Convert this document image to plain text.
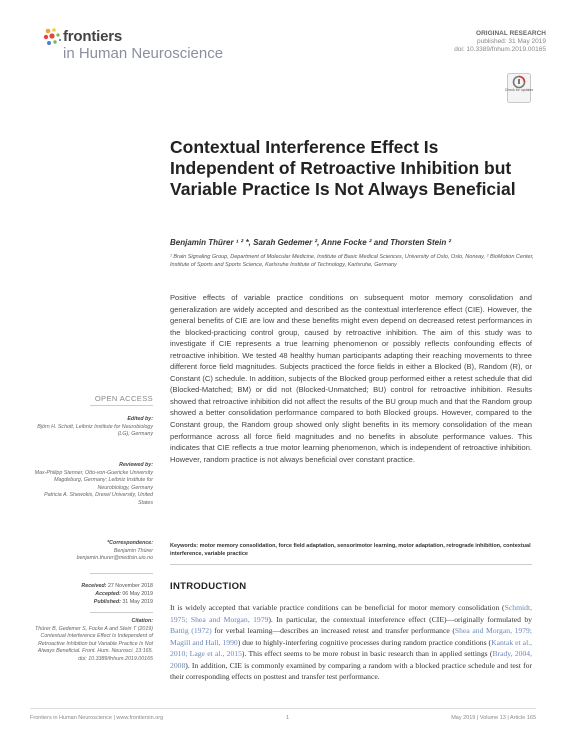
frontiers
in Human Neuroscience
ORIGINAL RESEARCH
published: 31 May 2019
doi: 10.3389/fnhum.2019.00165
Check for updates
Contextual Interference Effect Is Independent of Retroactive Inhibition but Variable Practice Is Not Always Beneficial
Benjamin Thürer ¹ ² *, Sarah Gedemer ², Anne Focke ² and Thorsten Stein ²
¹ Brain Signaling Group, Department of Molecular Medicine, Institute of Basic Medical Sciences, University of Oslo, Oslo, Norway, ² BioMotion Center, Institute of Sports and Sports Science, Karlsruhe Institute of Technology, Karlsruhe, Germany
Positive effects of variable practice conditions on subsequent motor memory consolidation and generalization are widely accepted and described as the contextual interference effect (CIE). However, the general benefits of CIE are low and these benefits might even depend on decreased retest performances in the blocked-practicing control group, caused by retroactive inhibition. The aim of this study was to investigate if CIE represents a true learning phenomenon or possibly reflects confounding effects of retroactive inhibition. We tested 48 healthy human participants adapting their reaching movements to three different force field magnitudes. Subjects practiced the force fields in either a Blocked (B), Random (R), or Constant (C) schedule. In addition, subjects of the Blocked group performed either a retest schedule that did (Blocked-Matched; BM) or did not (Blocked-Unmatched; BU) control for retroactive inhibition. Results showed that retroactive inhibition did not affect the results of the BU group much and that the Random group showed a better consolidation performance compared to both Blocked groups. However, compared to the Constant group, the Random group showed only slight benefits in its memory consolidation of the mean performance across all force field magnitudes and no benefits in absolute performance values. This indicates that CIE reflects a true motor learning phenomenon, which is independent of retroactive inhibition. However, random practice is not always beneficial over constant practice.
Keywords: motor memory consolidation, force field adaptation, sensorimotor learning, motor adaptation, retrograde inhibition, contextual interference, variable practice
INTRODUCTION
It is widely accepted that variable practice conditions can be beneficial for motor memory consolidation (Schmidt, 1975; Shea and Morgan, 1979). In particular, the contextual interference effect (CIE)—originally formulated by Battig (1972) for verbal learning—describes an increased retest and transfer performance (Shea and Morgan, 1979; Magill and Hall, 1990) due to highly-interfering cognitive processes during random practice conditions (Kantak et al., 2010; Lage et al., 2015). This effect seems to be more robust in basic research than in applied settings (Brady, 2004, 2008). In addition, CIE is commonly examined by comparing a random with a blocked practice schedule and test for their corresponding effects on posttest and transfer test performance.
OPEN ACCESS
Edited by:
Björn H. Schott, Leibniz Institute for Neurobiology (LG), Germany
Reviewed by:
Max-Philipp Stenner, Otto-von-Guericke University Magdeburg, Germany; Leibniz Institute for Neurobiology, Germany
Patricia A. Shewokis, Drexel University, United States
*Correspondence:
Benjamin Thürer
benjamin.thurer@medisin.uio.no
Received: 27 November 2018
Accepted: 06 May 2019
Published: 31 May 2019
Citation:
Thürer B, Gedemer S, Focke A and Stein T (2019) Contextual Interference Effect Is Independent of Retroactive Inhibition but Variable Practice Is Not Always Beneficial. Front. Hum. Neurosci. 13:165. doi: 10.3389/fnhum.2019.00165
Frontiers in Human Neuroscience | www.frontiersin.org	1	May 2019 | Volume 13 | Article 165
